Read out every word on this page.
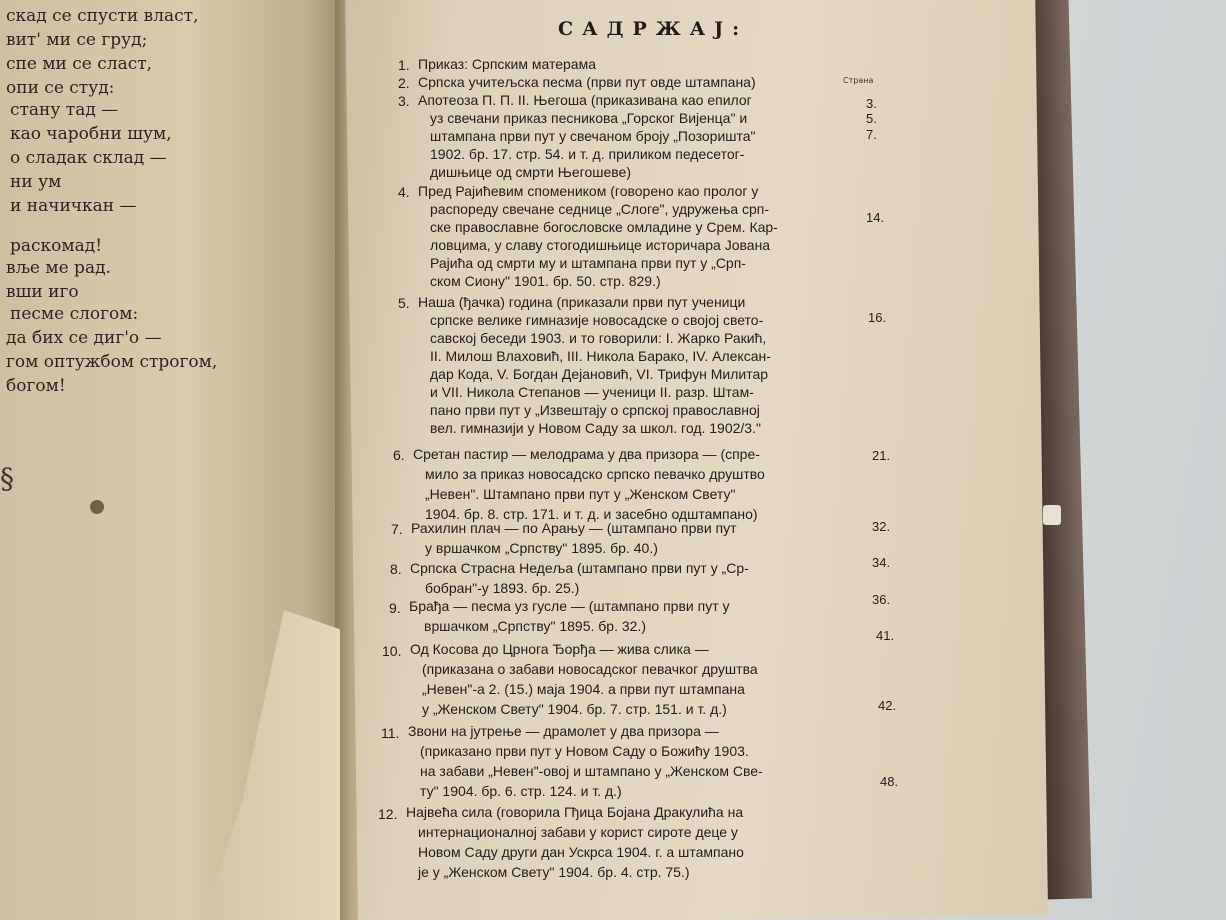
скад се спусти власт,
вит' ми се груд;
спе ми се сласт,
опи се студ:
стану тад —
као чаробни шум,
о сладак склад —
ни ум
и начичкан —
раскомад!
вље ме рад.
вши иго
песме слогом:
да бих се диг'о —
гом оптужбом строгом,
богом!
§
САДРЖАЈ:
Страна
1. Приказ: Српским матерама
2. Српска учитељска песма (први пут овде штампана)
3.
3. Апотеоза П. П. II. Његоша (приказивана као епилог
уз свечани приказ песникова „Горског Вијенца" и
штампана први пут у свечаном броју „Позоришта"
1902. бр. 17. стр. 54. и т. д. приликом педесетог-
дишњице од смрти Његошеве)
5.
7.
4. Пред Рајићевим спомеником (говорено као пролог у
распореду свечане седнице „Слоге", удружења срп-
ске православне богословске омладине у Срем. Кар-
ловцима, у славу стогодишњице историчара Јована
Рајића од смрти му и штампана први пут у „Срп-
ском Сиону" 1901. бр. 50. стр. 829.)
14.
5. Наша (ђачка) година (приказали први пут ученици
српске велике гимназије новосадске о својој свето-
савској беседи 1903. и то говорили: I. Жарко Ракић,
II. Милош Влаховић, III. Никола Барако, IV. Алексан-
дар Кода, V. Богдан Дејановић, VI. Трифун Милитар
и VII. Никола Степанов — ученици II. разр. Штам-
пано први пут у „Извештају о српској православној
вел. гимназији у Новом Саду за школ. год. 1902/3."
16.
6. Сретан пастир — мелодрама у два призора — (спре-
мило за приказ новосадско српско певачко друштво
„Невен". Штампано први пут у „Женском Свету"
1904. бр. 8. стр. 171. и т. д. и засебно одштампано)
21.
7. Рахилин плач — по Арању — (штампано први пут
у вршачком „Српству" 1895. бр. 40.)
32.
8. Српска Страсна Недеља (штампано први пут у „Ср-
бобран"-у 1893. бр. 25.)
34.
9. Брађа — песма уз гусле — (штампано први пут у
вршачком „Српству" 1895. бр. 32.)
36.
10. Од Косова до Црнога Ђорђа — жива слика —
(приказана о забави новосадског певачког друштва
„Невен"-а 2. (15.) маја 1904. а први пут штампана
у „Женском Свету" 1904. бр. 7. стр. 151. и т. д.)
41.
11. Звони на јутрење — драмолет у два призора —
(приказано први пут у Новом Саду о Божићу 1903.
на забави „Невен"-овој и штампано у „Женском Све-
ту" 1904. бр. 6. стр. 124. и т. д.)
42.
12. Највећа сила (говорила Гђица Бојана Дракулића на
интернационалној забави у корист сироте деце у
Новом Саду други дан Ускрса 1904. г. а штампано
је у „Женском Свету" 1904. бр. 4. стр. 75.)
48.
